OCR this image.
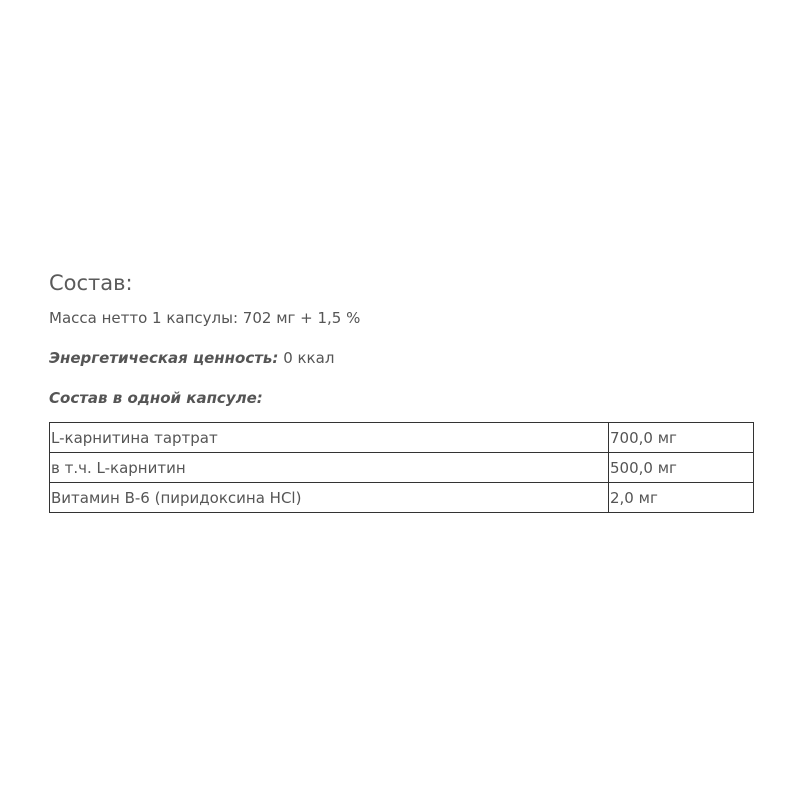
Состав:

Масса нетто 1 капсулы: 702 мг + 1,5 %

Энергетическая ценность: 0 ккал

Состав в одной капсуле:

L-карнитина тартрат	700,0 мг
в т.ч. L-карнитин	500,0 мг
Витамин В-6 (пиридоксина HCl)	2,0 мг
